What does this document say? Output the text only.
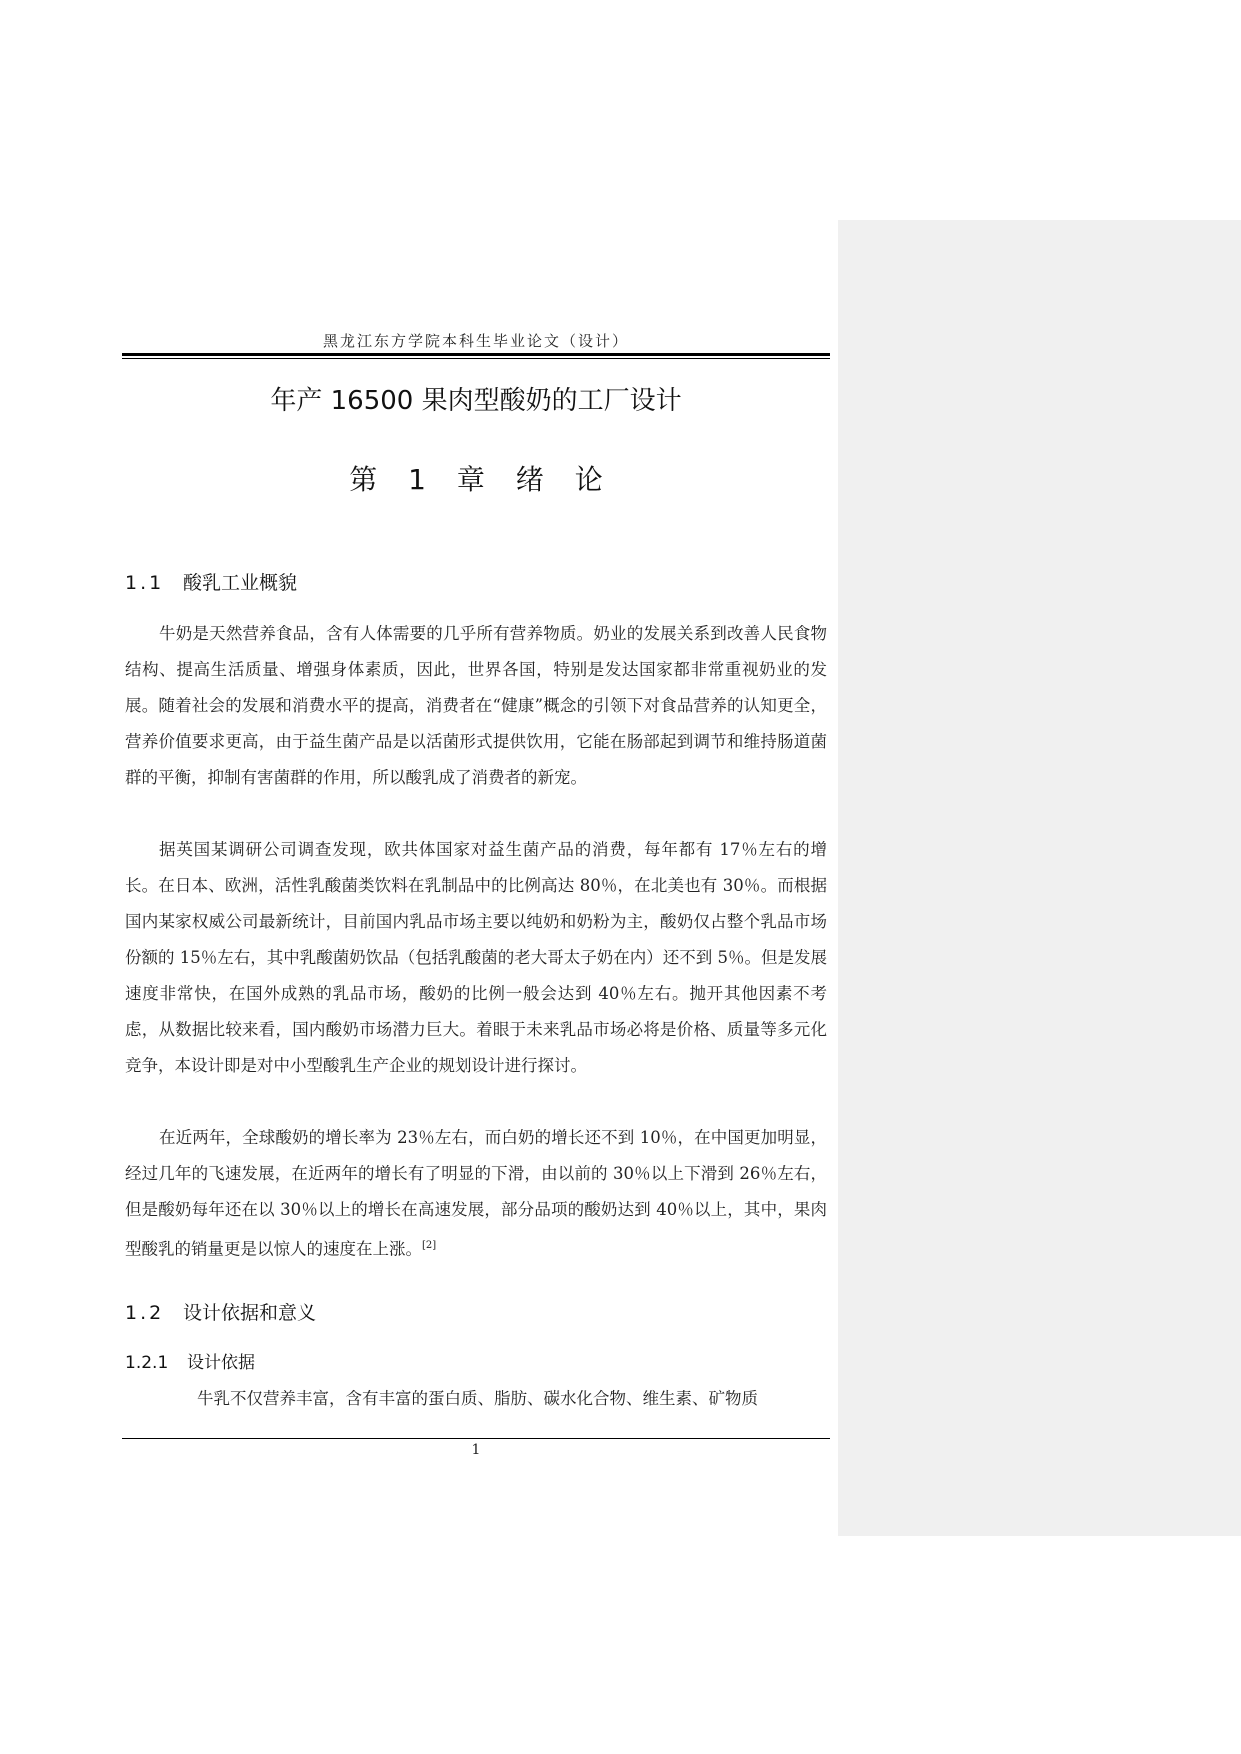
黑龙江东方学院本科生毕业论文（设计）
年产 16500 果肉型酸奶的工厂设计
第 1 章 绪 论
1.1 酸乳工业概貌

牛奶是天然营养食品，含有人体需要的几乎所有营养物质。奶业的发展关系到改善人民食物结构、提高生活质量、增强身体素质，因此，世界各国，特别是发达国家都非常重视奶业的发展。随着社会的发展和消费水平的提高，消费者在“健康”概念的引领下对食品营养的认知更全，营养价值要求更高，由于益生菌产品是以活菌形式提供饮用，它能在肠部起到调节和维持肠道菌群的平衡，抑制有害菌群的作用，所以酸乳成了消费者的新宠。

据英国某调研公司调查发现，欧共体国家对益生菌产品的消费，每年都有 17％左右的增长。在日本、欧洲，活性乳酸菌类饮料在乳制品中的比例高达 80％，在北美也有 30％。而根据国内某家权威公司最新统计，目前国内乳品市场主要以纯奶和奶粉为主，酸奶仅占整个乳品市场份额的 15％左右，其中乳酸菌奶饮品（包括乳酸菌的老大哥太子奶在内）还不到 5％。但是发展速度非常快，在国外成熟的乳品市场，酸奶的比例一般会达到 40％左右。抛开其他因素不考虑，从数据比较来看，国内酸奶市场潜力巨大。着眼于未来乳品市场必将是价格、质量等多元化竞争，本设计即是对中小型酸乳生产企业的规划设计进行探讨。

在近两年，全球酸奶的增长率为 23％左右，而白奶的增长还不到 10％，在中国更加明显，经过几年的飞速发展，在近两年的增长有了明显的下滑，由以前的 30％以上下滑到 26％左右，但是酸奶每年还在以 30％以上的增长在高速发展，部分品项的酸奶达到 40％以上，其中，果肉型酸乳的销量更是以惊人的速度在上涨。[2]

1.2 设计依据和意义
1.2.1 设计依据

牛乳不仅营养丰富，含有丰富的蛋白质、脂肪、碳水化合物、维生素、矿物质

1
